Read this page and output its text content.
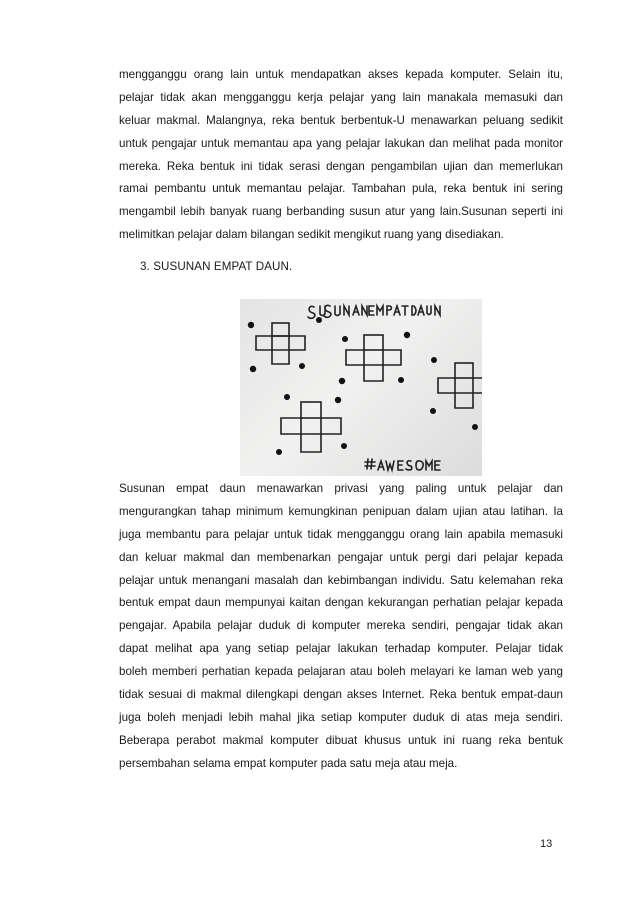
mengganggu orang lain untuk mendapatkan akses kepada komputer. Selain itu,
pelajar tidak akan mengganggu kerja pelajar yang lain manakala memasuki dan
keluar makmal. Malangnya, reka bentuk berbentuk-U menawarkan peluang sedikit
untuk pengajar untuk memantau apa yang pelajar lakukan dan melihat pada monitor
mereka. Reka bentuk ini tidak serasi dengan pengambilan ujian dan memerlukan
ramai pembantu untuk memantau pelajar. Tambahan pula, reka bentuk ini sering
mengambil lebih banyak ruang berbanding susun atur yang lain.Susunan seperti ini
melimitkan pelajar dalam bilangan sedikit mengikut ruang yang disediakan.
3. SUSUNAN EMPAT DAUN.
Susunan empat daun menawarkan privasi yang paling untuk pelajar dan
mengurangkan tahap minimum kemungkinan penipuan dalam ujian atau latihan. Ia
juga membantu para pelajar untuk tidak mengganggu orang lain apabila memasuki
dan keluar makmal dan membenarkan pengajar untuk pergi dari pelajar kepada
pelajar untuk menangani masalah dan kebimbangan individu. Satu kelemahan reka
bentuk empat daun mempunyai kaitan dengan kekurangan perhatian pelajar kepada
pengajar. Apabila pelajar duduk di komputer mereka sendiri, pengajar tidak akan
dapat melihat apa yang setiap pelajar lakukan terhadap komputer. Pelajar tidak
boleh memberi perhatian kepada pelajaran atau boleh melayari ke laman web yang
tidak sesuai di makmal dilengkapi dengan akses Internet. Reka bentuk empat-daun
juga boleh menjadi lebih mahal jika setiap komputer duduk di atas meja sendiri.
Beberapa perabot makmal komputer dibuat khusus untuk ini ruang reka bentuk
persembahan selama empat komputer pada satu meja atau meja.
13
